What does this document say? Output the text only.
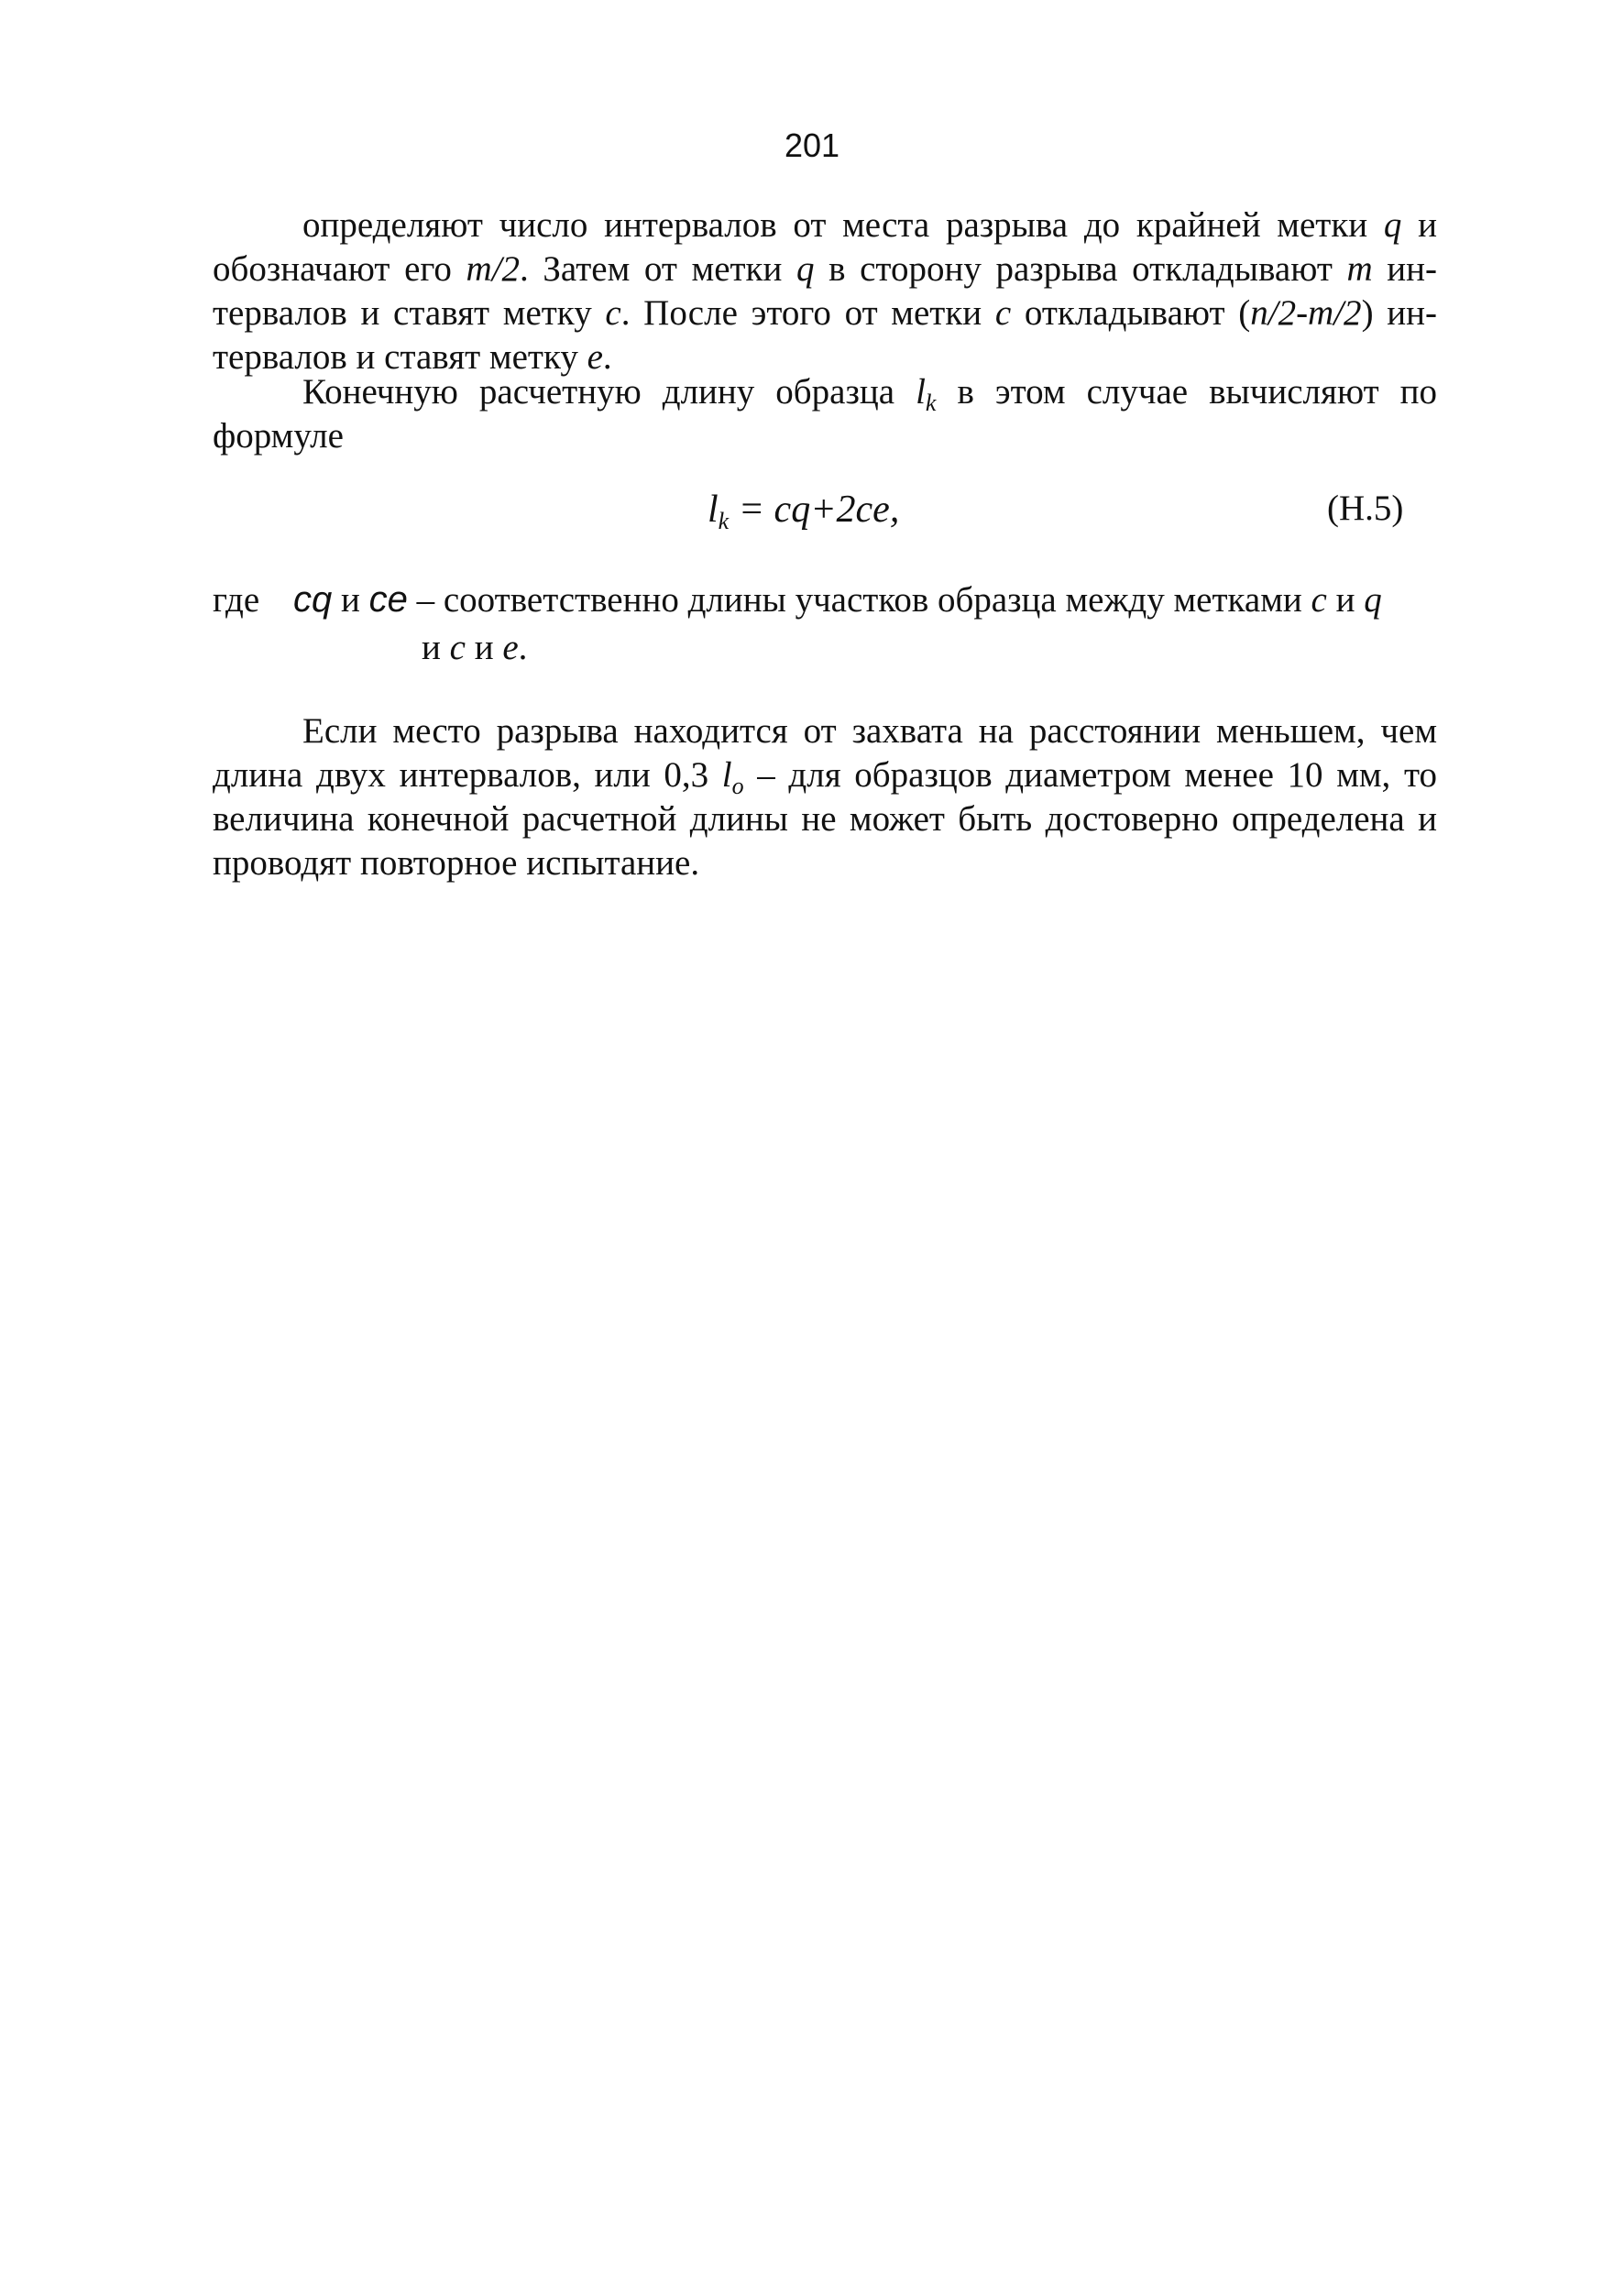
201
определяют число интервалов от места разрыва до крайней метки q и
обозначают его m/2. Затем от метки q в сторону разрыва откладывают m ин-
тервалов и ставят метку c. После этого от метки c откладывают (n/2-m/2) ин-
тервалов и ставят метку e.
Конечную расчетную длину образца $l_k$ в этом случае вычисляют по
формуле
$l_k = cq+2ce$,	(Н.5)
где cq и ce – соответственно длины участков образца между метками c и q
и c и e.
Если место разрыва находится от захвата на расстоянии меньшем, чем
длина двух интервалов, или 0,3 $l_o$ – для образцов диаметром менее 10 мм, то
величина конечной расчетной длины не может быть достоверно определена и
проводят повторное испытание.
